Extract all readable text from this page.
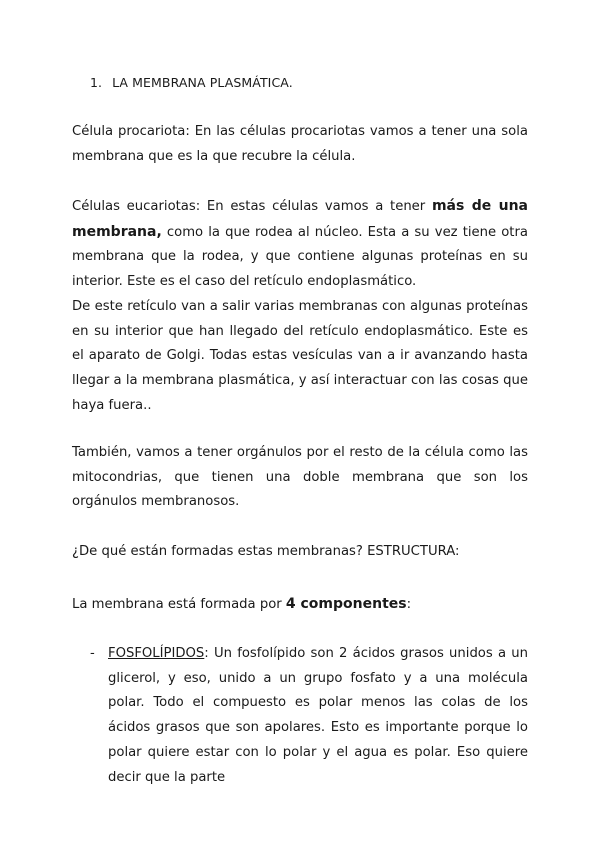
1. LA MEMBRANA PLASMÁTICA.
Célula procariota: En las células procariotas vamos a tener una sola membrana que es la que recubre la célula.
Células eucariotas: En estas células vamos a tener más de una membrana, como la que rodea al núcleo. Esta a su vez tiene otra membrana que la rodea, y que contiene algunas proteínas en su interior. Este es el caso del retículo endoplasmático.
De este retículo van a salir varias membranas con algunas proteínas en su interior que han llegado del retículo endoplasmático. Este es el aparato de Golgi. Todas estas vesículas van a ir avanzando hasta llegar a la membrana plasmática, y así interactuar con las cosas que haya fuera..
También, vamos a tener orgánulos por el resto de la célula como las mitocondrias, que tienen una doble membrana que son los orgánulos membranosos.
¿De qué están formadas estas membranas? ESTRUCTURA:
La membrana está formada por 4 componentes:
- FOSFOLÍPIDOS: Un fosfolípido son 2 ácidos grasos unidos a un glicerol, y eso, unido a un grupo fosfato y a una molécula polar. Todo el compuesto es polar menos las colas de los ácidos grasos que son apolares. Esto es importante porque lo polar quiere estar con lo polar y el agua es polar. Eso quiere decir que la parte
